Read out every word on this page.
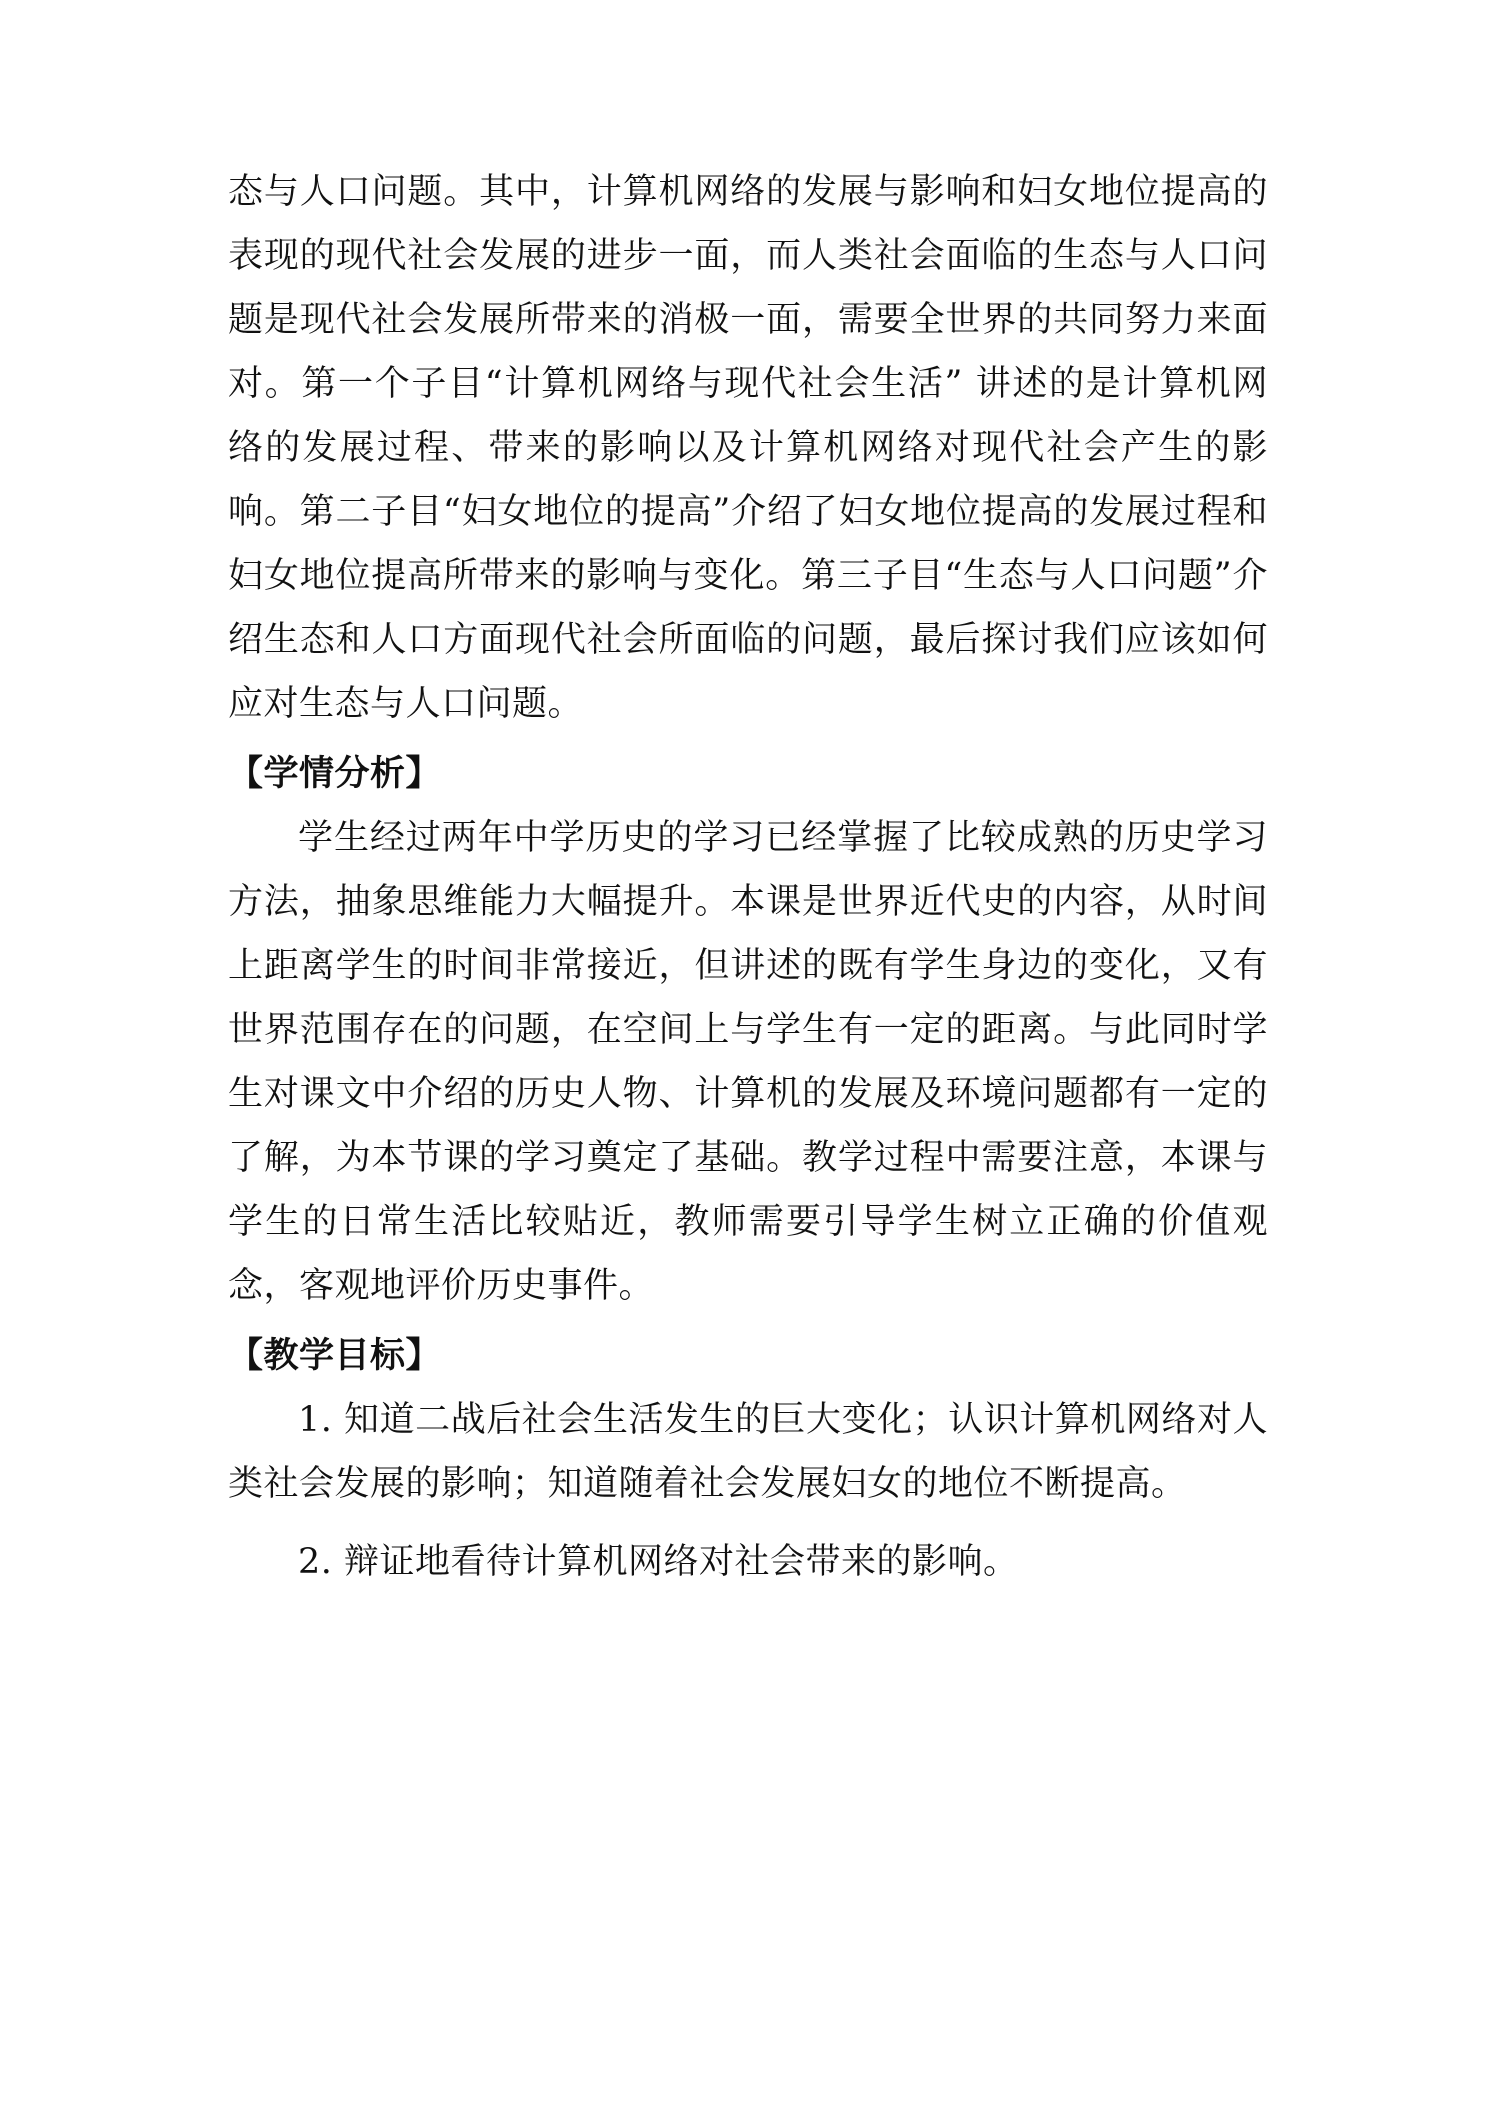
态与人口问题。其中，计算机网络的发展与影响和妇女地位提高的表现的现代社会发展的进步一面，而人类社会面临的生态与人口问题是现代社会发展所带来的消极一面，需要全世界的共同努力来面对。第一个子目“计算机网络与现代社会生活” 讲述的是计算机网络的发展过程、带来的影响以及计算机网络对现代社会产生的影响。第二子目“妇女地位的提高”介绍了妇女地位提高的发展过程和妇女地位提高所带来的影响与变化。第三子目“生态与人口问题”介绍生态和人口方面现代社会所面临的问题，最后探讨我们应该如何应对生态与人口问题。

【学情分析】

学生经过两年中学历史的学习已经掌握了比较成熟的历史学习方法，抽象思维能力大幅提升。本课是世界近代史的内容，从时间上距离学生的时间非常接近，但讲述的既有学生身边的变化，又有世界范围存在的问题，在空间上与学生有一定的距离。与此同时学生对课文中介绍的历史人物、计算机的发展及环境问题都有一定的了解，为本节课的学习奠定了基础。教学过程中需要注意，本课与学生的日常生活比较贴近，教师需要引导学生树立正确的价值观念，客观地评价历史事件。

【教学目标】

1. 知道二战后社会生活发生的巨大变化；认识计算机网络对人类社会发展的影响；知道随着社会发展妇女的地位不断提高。

2. 辩证地看待计算机网络对社会带来的影响。
